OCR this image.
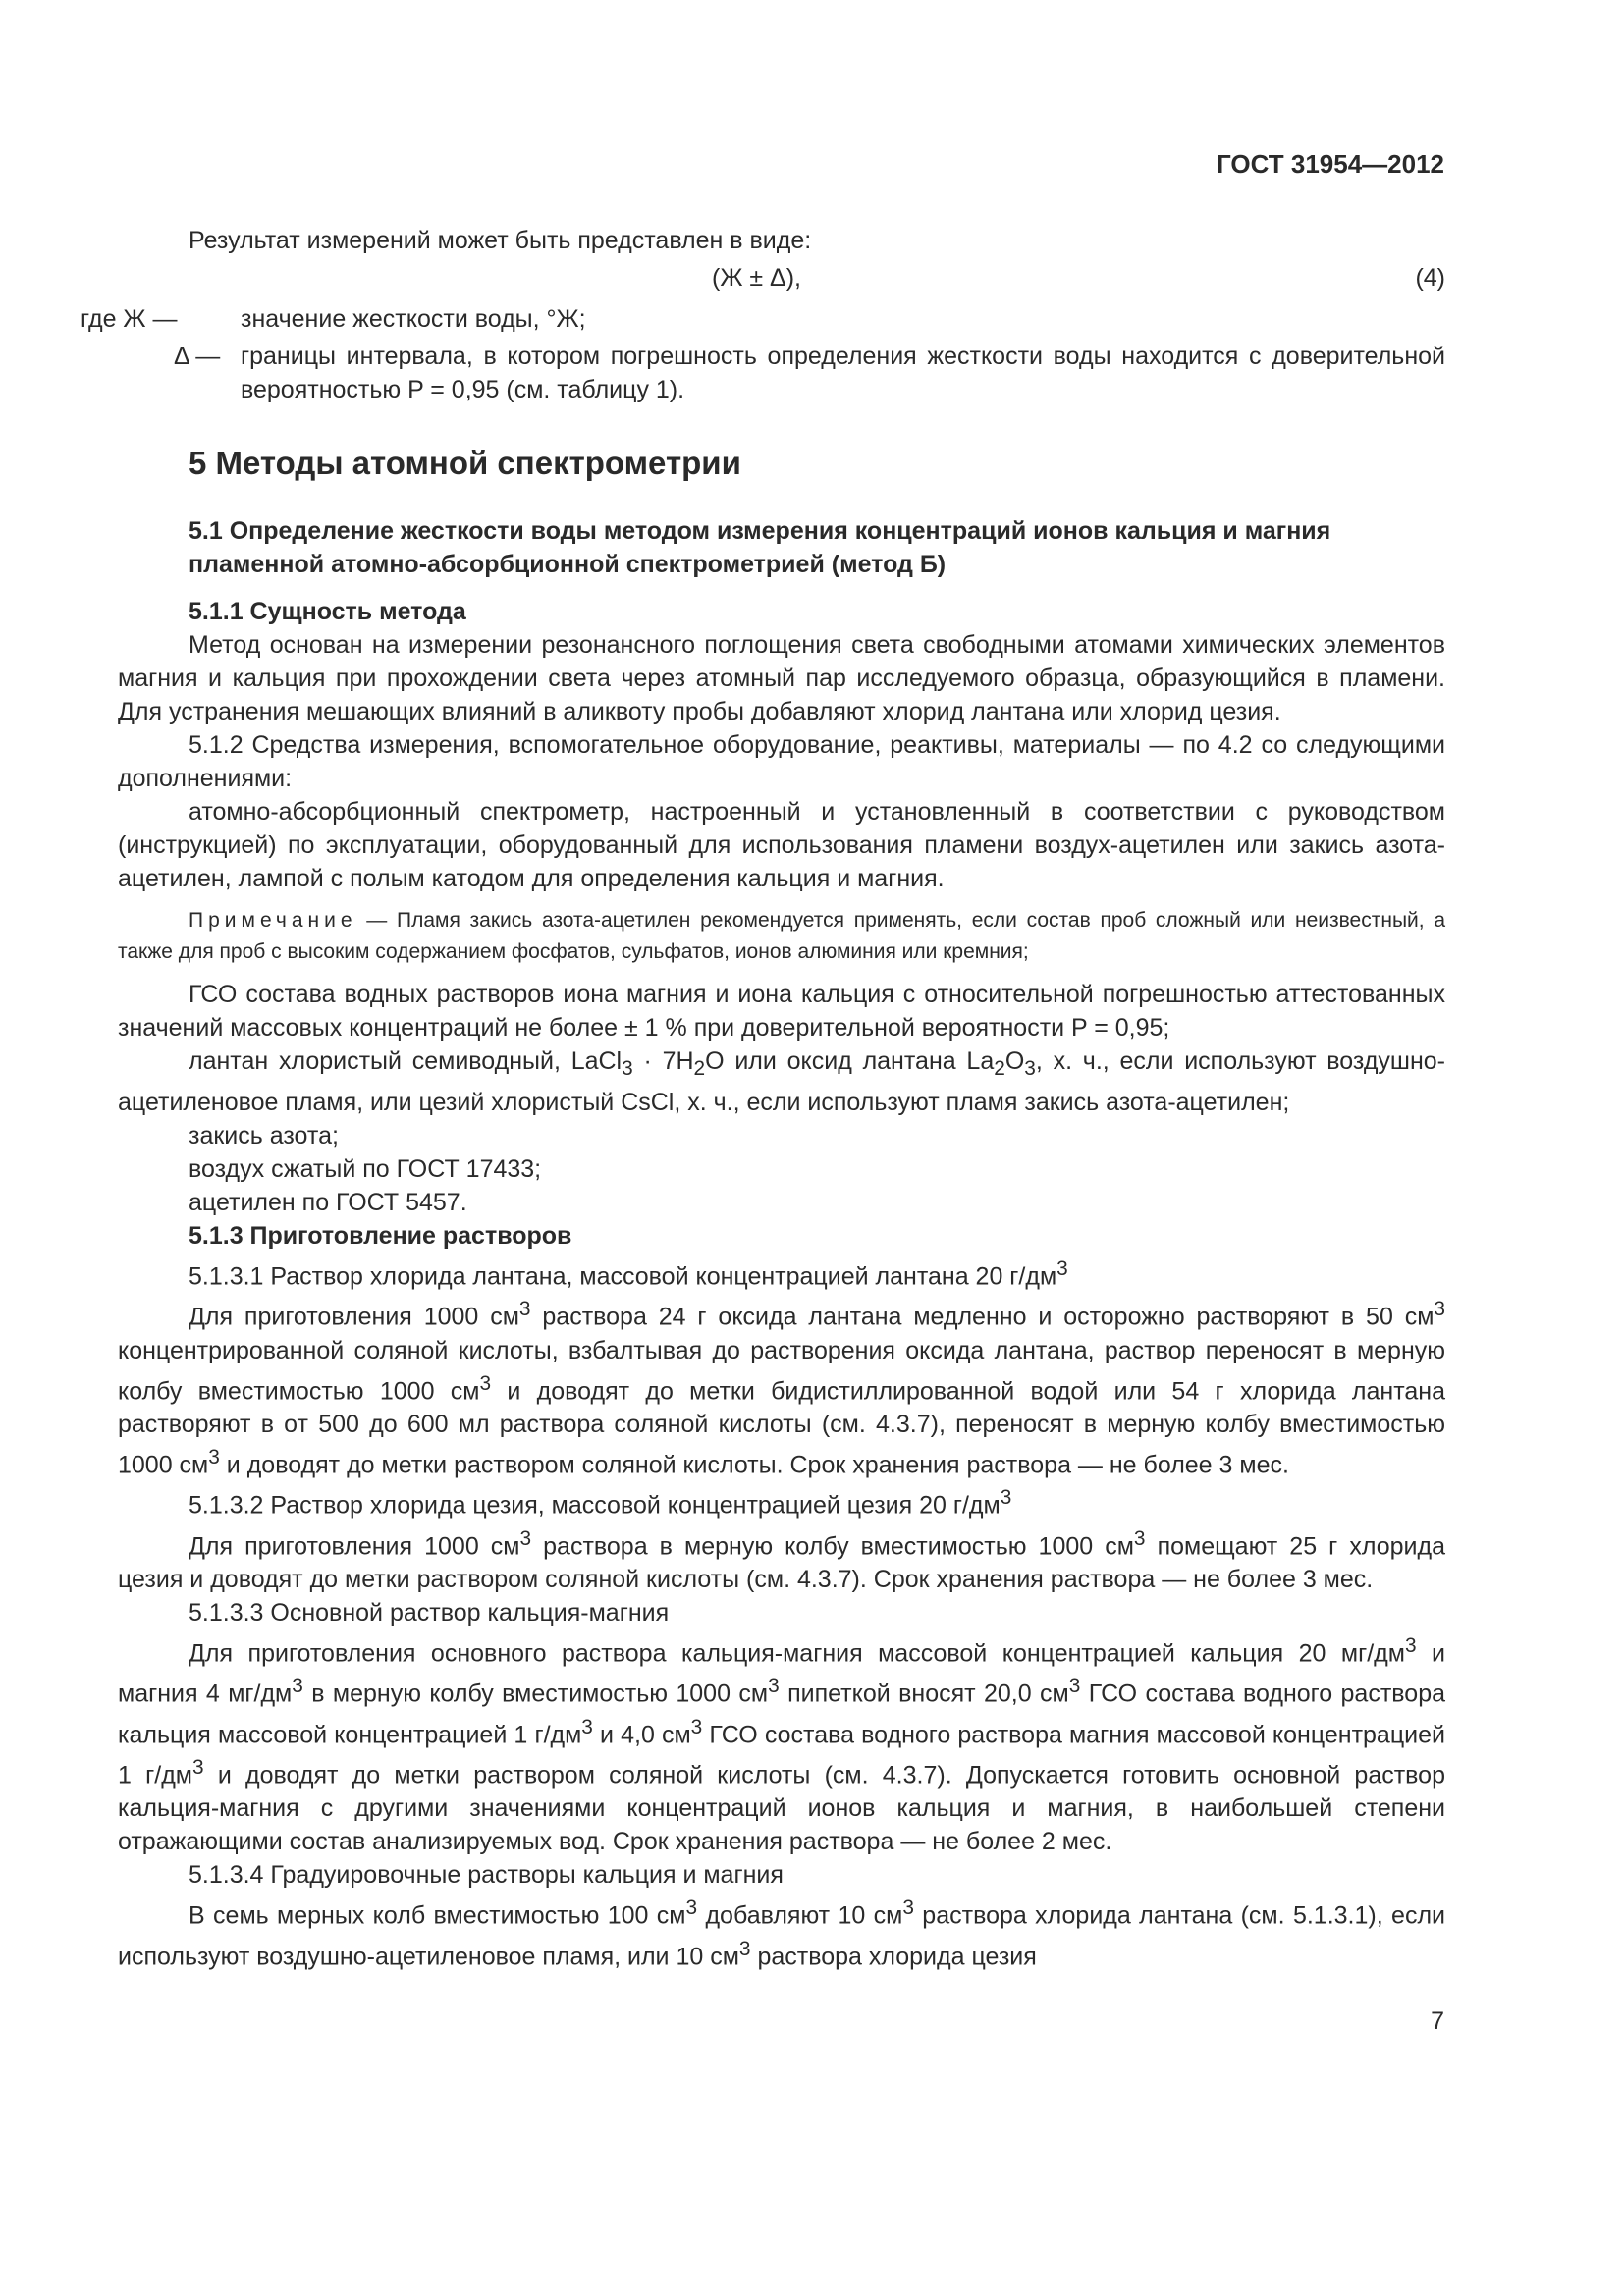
ГОСТ 31954—2012

Результат измерений может быть представлен в виде:

(Ж ± Δ),	(4)
где Ж —	значение жесткости воды, °Ж;

Δ — границы интервала, в котором погрешность определения жесткости воды находится с доверительной вероятностью P = 0,95 (см. таблицу 1).

5 Методы атомной спектрометрии
5.1 Определение жесткости воды методом измерения концентраций ионов кальция и магния пламенной атомно-абсорбционной спектрометрией (метод Б)

5.1.1 Сущность метода

Метод основан на измерении резонансного поглощения света свободными атомами химических элементов магния и кальция при прохождении света через атомный пар исследуемого образца, образующийся в пламени. Для устранения мешающих влияний в аликвоту пробы добавляют хлорид лантана или хлорид цезия.

5.1.2 Средства измерения, вспомогательное оборудование, реактивы, материалы — по 4.2 со следующими дополнениями:

атомно-абсорбционный спектрометр, настроенный и установленный в соответствии с руководством (инструкцией) по эксплуатации, оборудованный для использования пламени воздух-ацетилен или закись азота-ацетилен, лампой с полым катодом для определения кальция и магния.

Примечание — Пламя закись азота-ацетилен рекомендуется применять, если состав проб сложный или неизвестный, а также для проб с высоким содержанием фосфатов, сульфатов, ионов алюминия или кремния;

ГСО состава водных растворов иона магния и иона кальция с относительной погрешностью аттестованных значений массовых концентраций не более ± 1 % при доверительной вероятности P = 0,95;

лантан хлористый семиводный, LaCl$_3$ · $7H_2O$ или оксид лантана $La_2O_3$, х. ч., если используют воздушно-ацетиленовое пламя, или цезий хлористый CsCl, х. ч., если используют пламя закись азота-ацетилен;

закись азота;

воздух сжатый по ГОСТ 17433;

ацетилен по ГОСТ 5457.

5.1.3 Приготовление растворов

5.1.3.1 Раствор хлорида лантана, массовой концентрацией лантана 20 $г/дм^3$

Для приготовления 1000 $см^3$ раствора 24 г оксида лантана медленно и осторожно растворяют в 50 $см^3$ концентрированной соляной кислоты, взбалтывая до растворения оксида лантана, раствор переносят в мерную колбу вместимостью 1000 $см^3$ и доводят до метки бидистиллированной водой или 54 г хлорида лантана растворяют в от 500 до 600 мл раствора соляной кислоты (см. 4.3.7), переносят в мерную колбу вместимостью 1000 $см^3$ и доводят до метки раствором соляной кислоты. Срок хранения раствора — не более 3 мес.

5.1.3.2 Раствор хлорида цезия, массовой концентрацией цезия 20 $г/дм^3$

Для приготовления 1000 $см^3$ раствора в мерную колбу вместимостью 1000 $см^3$ помещают 25 г хлорида цезия и доводят до метки раствором соляной кислоты (см. 4.3.7). Срок хранения раствора — не более 3 мес.

5.1.3.3 Основной раствор кальция-магния

Для приготовления основного раствора кальция-магния массовой концентрацией кальция 20 $мг/дм^3$ и магния 4 $мг/дм^3$ в мерную колбу вместимостью 1000 $см^3$ пипеткой вносят 20,0 $см^3$ ГСО состава водного раствора кальция массовой концентрацией 1 $г/дм^3$ и 4,0 $см^3$ ГСО состава водного раствора магния массовой концентрацией 1 $г/дм^3$ и доводят до метки раствором соляной кислоты (см. 4.3.7). Допускается готовить основной раствор кальция-магния с другими значениями концентраций ионов кальция и магния, в наибольшей степени отражающими состав анализируемых вод. Срок хранения раствора — не более 2 мес.

5.1.3.4 Градуировочные растворы кальция и магния

В семь мерных колб вместимостью 100 $см^3$ добавляют 10 $см^3$ раствора хлорида лантана (см. 5.1.3.1), если используют воздушно-ацетиленовое пламя, или 10 $см^3$ раствора хлорида цезия

7
